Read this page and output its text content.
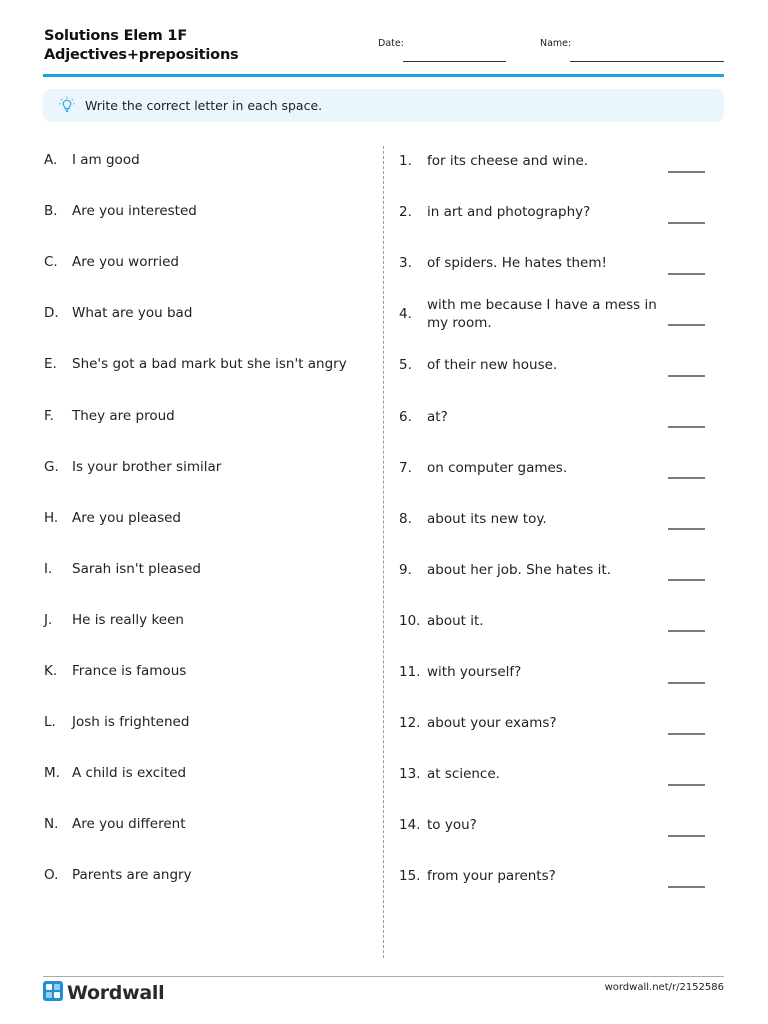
Solutions Elem 1F
Adjectives+prepositions
Date:	Name:
Write the correct letter in each space.
A.	I am good
B.	Are you interested
C.	Are you worried
D. What are you bad
E.	She's got a bad mark but she isn't angry
F.	They are proud
G. Is your brother similar
H.	Are you pleased
I.	Sarah isn't pleased
J.	He is really keen
K.	France is famous
L.	Josh is frightened
M. A child is excited
N.	Are you different
O.	Parents are angry
1.	for its cheese and wine.
2.	in art and photography?
3.	of spiders. He hates them!
4.
with me because I have a mess in my room.
5.	of their new house.
6.	at?
7.	on computer games.
8.	about its new toy.
9.	about her job. She hates it.
10. about it.
11. with yourself?
12. about your exams?
13. at science.
14. to you?
15. from your parents?
Wordwall	wordwall.net/r/2152586
